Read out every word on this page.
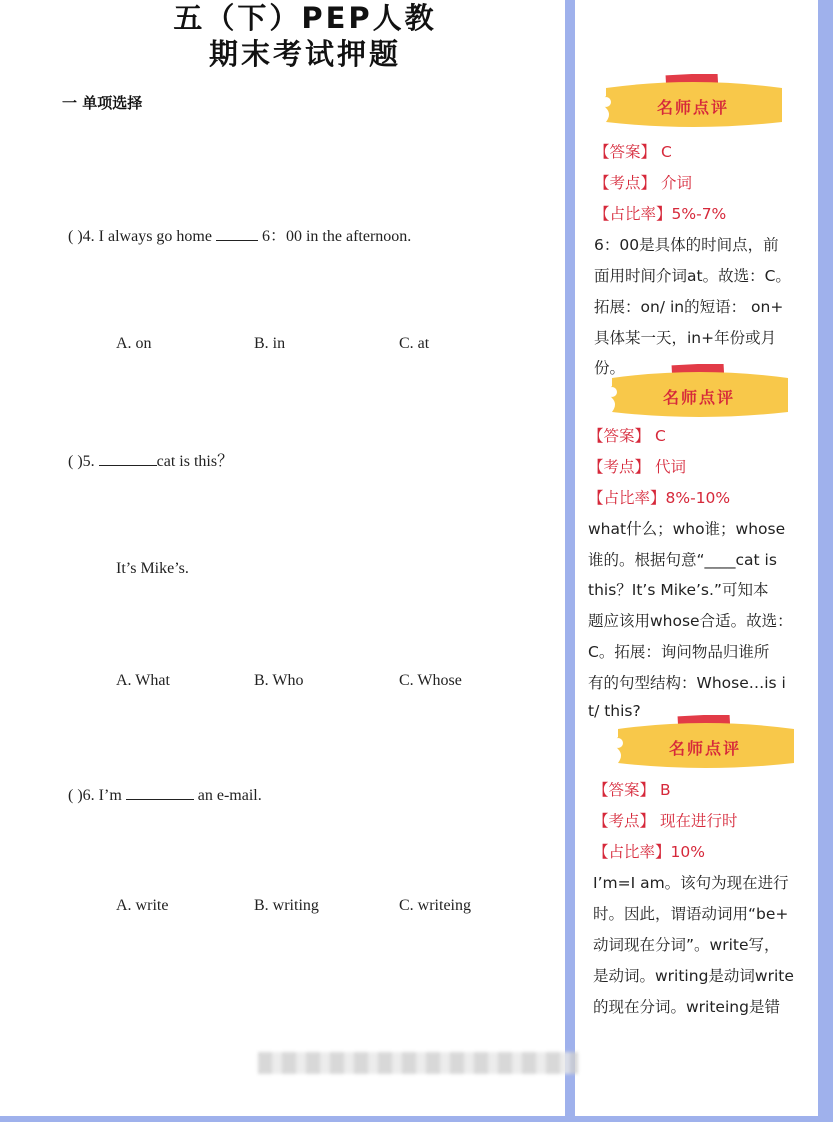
五（下）PEP人教
期末考试押题
一 单项选择
( )4. I always go home	6：00 in the afternoon.
A. on	B. in	C. at
( )5.	cat is this？
It’s Mike’s.
A. What	B. Who	C. Whose
( )6. I’m	an e-mail.
A. write	B. writing	C. writeing
名师点评
【答案】 C
【考点】 介词
【占比率】5%-7%
6：00是具体的时间点，前
面用时间介词at。故选：C。
拓展：on/ in的短语： on+
具体某一天，in+年份或月
份。
名师点评
【答案】 C
【考点】 代词
【占比率】8%-10%
what什么；who谁；whose
谁的。根据句意“____cat is
this？It’s Mike’s.”可知本
题应该用whose合适。故选：
C。拓展：询问物品归谁所
有的句型结构：Whose…is i
t/ this?
名师点评
【答案】 B
【考点】 现在进行时
【占比率】10%
I’m=I am。该句为现在进行
时。因此，谓语动词用“be+
动词现在分词”。write写，
是动词。writing是动词write
的现在分词。writeing是错
